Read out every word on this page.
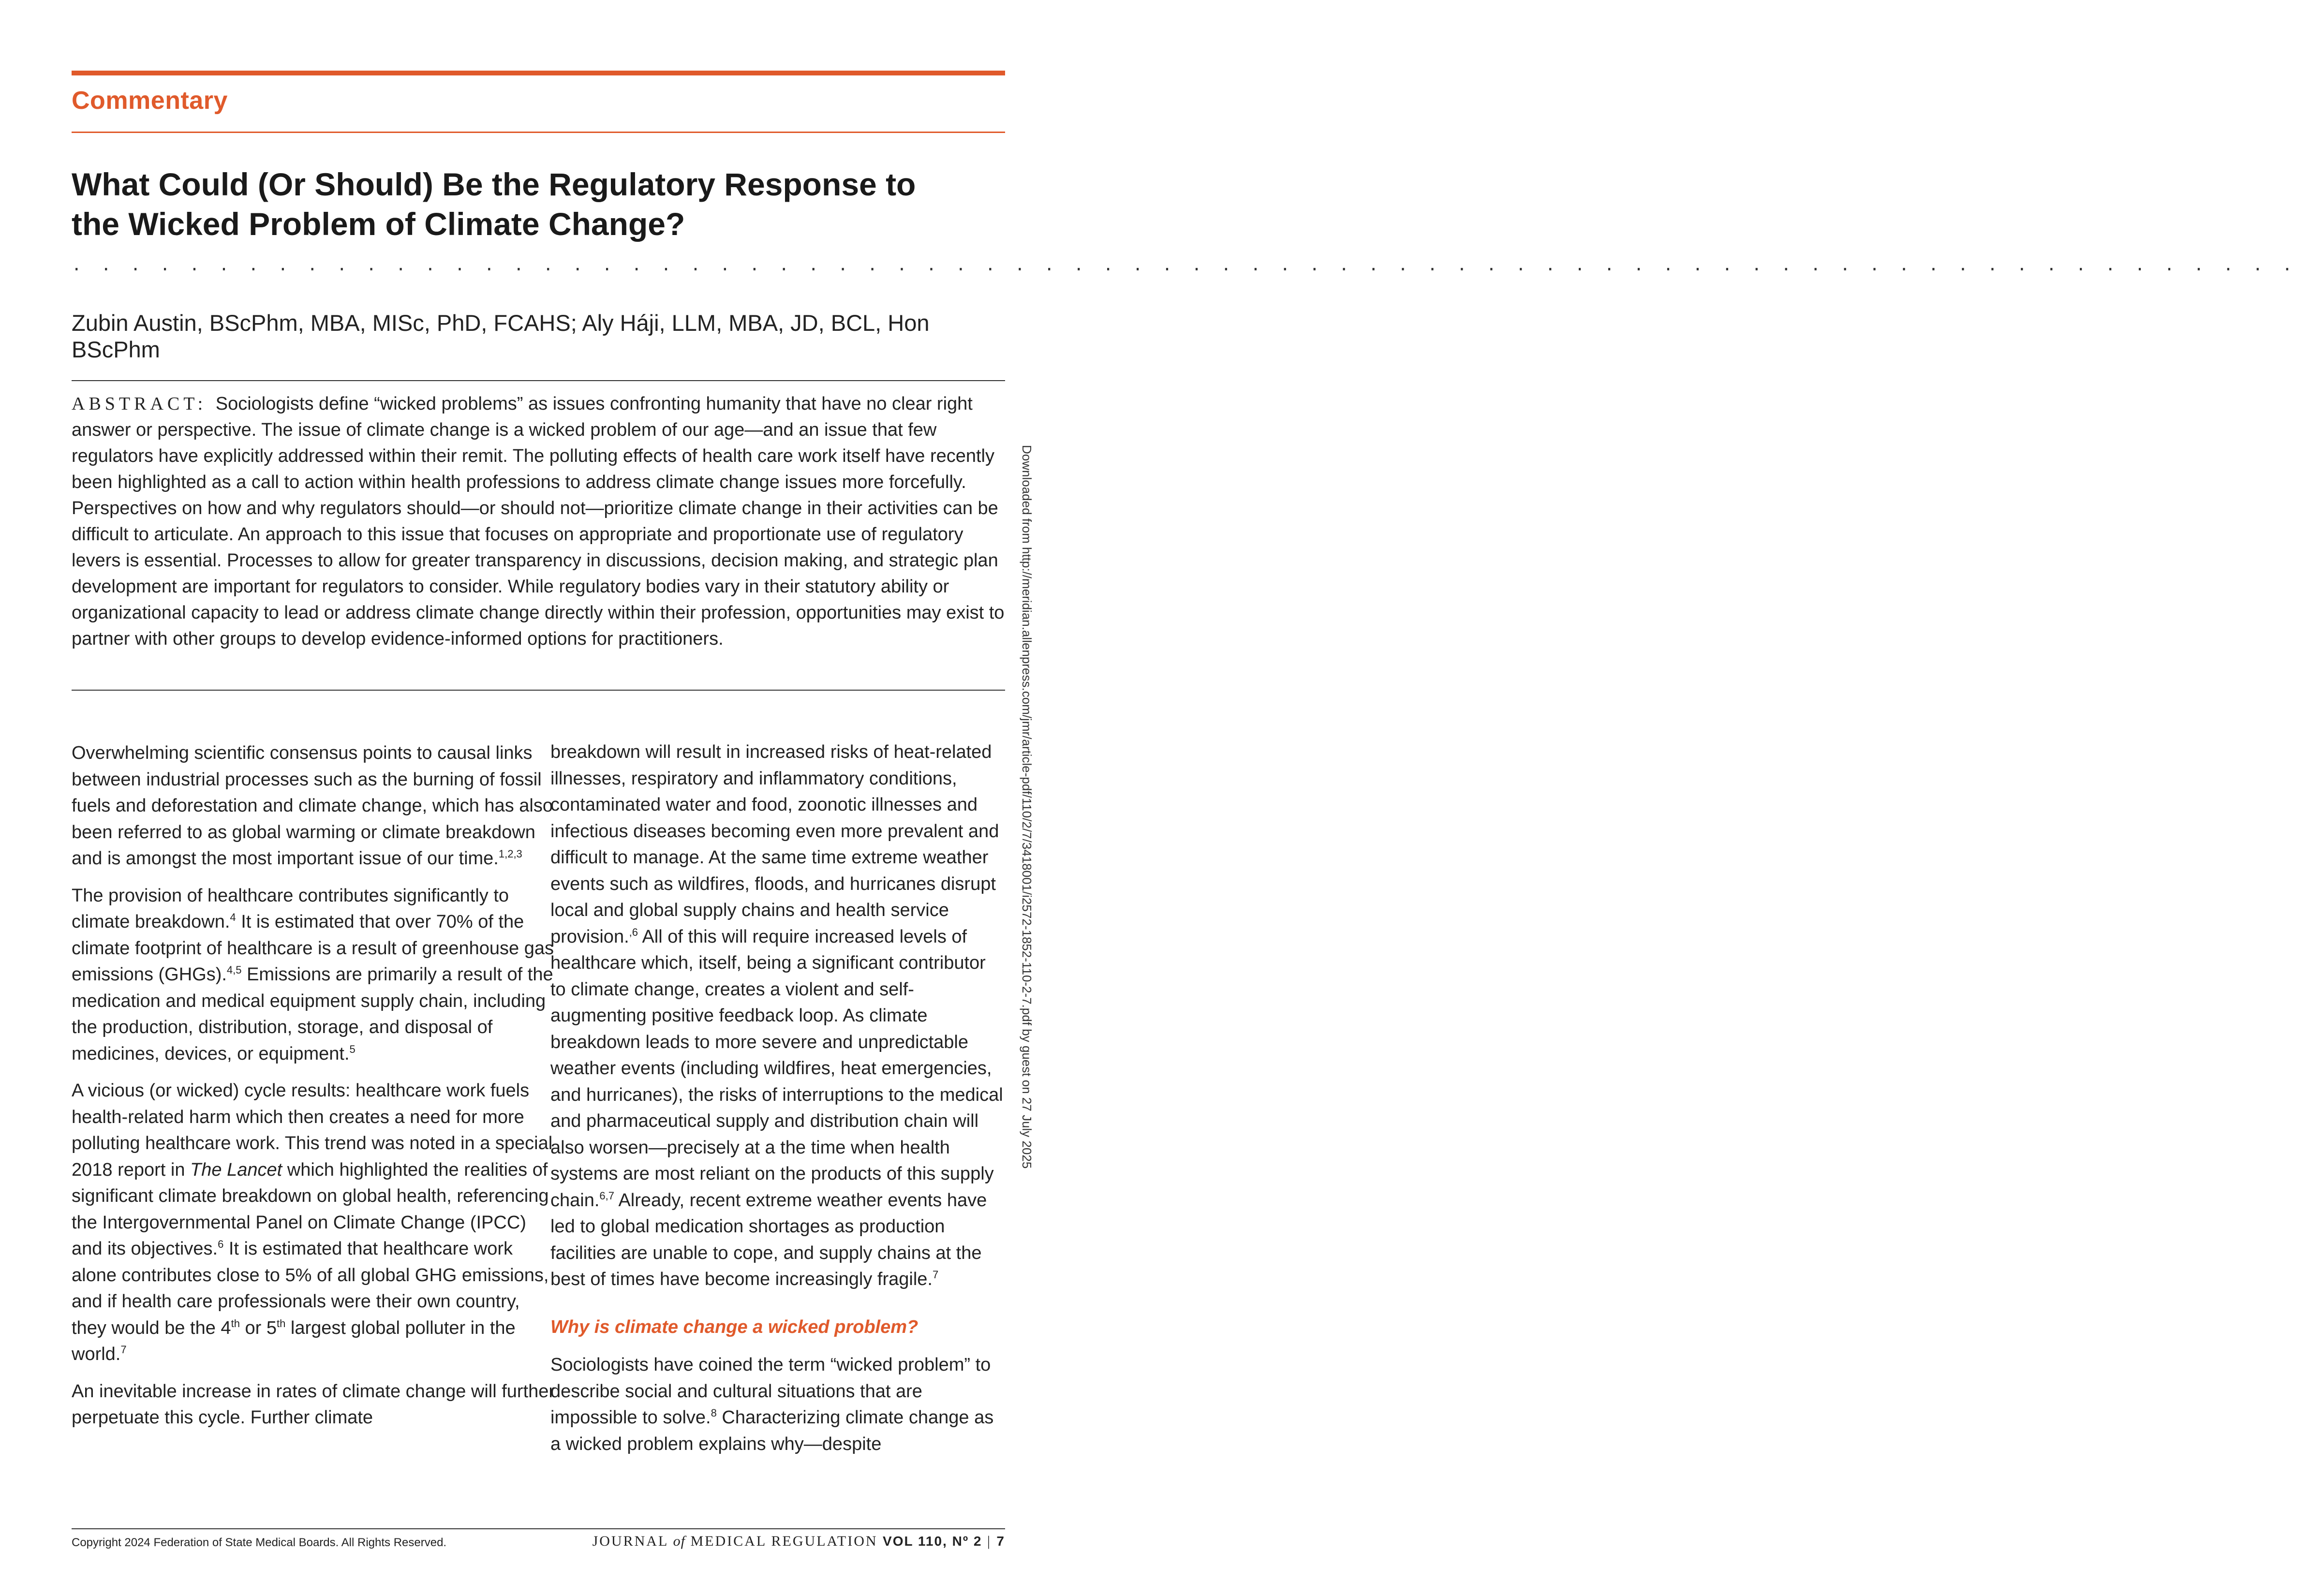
Commentary
What Could (Or Should) Be the Regulatory Response to
the Wicked Problem of Climate Change?
. . . . . . . . . . . . . . . . . . . . . . . . . . . . . . . . . . . . . . . . . . . . . . . . . . . . . . . . . . . . . . . . . . . . . . . . . . . .
Zubin Austin, BScPhm, MBA, MISc, PhD, FCAHS; Aly Háji, LLM, MBA, JD, BCL, Hon BScPhm

ABSTRACT: Sociologists define “wicked problems” as issues confronting humanity that have no clear right answer or perspective. The issue of climate change is a wicked problem of our age—and an issue that few regulators have explicitly addressed within their remit. The polluting effects of health care work itself have recently been highlighted as a call to action within health professions to address climate change issues more forcefully. Perspectives on how and why regulators should—or should not—prioritize climate change in their activities can be difficult to articulate. An approach to this issue that focuses on appropriate and proportionate use of regulatory levers is essential. Processes to allow for greater transparency in discussions, decision making, and strategic plan development are important for regulators to consider. While regulatory bodies vary in their statutory ability or organizational capacity to lead or address climate change directly within their profession, opportunities may exist to partner with other groups to develop evidence-informed options for practitioners.

Overwhelming scientific consensus points to causal links between industrial processes such as the burning of fossil fuels and deforestation and climate change, which has also been referred to as global warming or climate breakdown and is amongst the most important issue of our time.$^{1,2,3}$

The provision of healthcare contributes significantly to climate breakdown.$^4$ It is estimated that over 70% of the climate footprint of healthcare is a result of greenhouse gas emissions (GHGs).$^{4,5}$ Emissions are primarily a result of the medication and medical equipment supply chain, including the production, distribution, storage, and disposal of medicines, devices, or equipment.$^5$

A vicious (or wicked) cycle results: healthcare work fuels health-related harm which then creates a need for more polluting healthcare work. This trend was noted in a special 2018 report in The Lancet which highlighted the realities of significant climate breakdown on global health, referencing the Intergovernmental Panel on Climate Change (IPCC) and its objectives.$^6$ It is estimated that healthcare work alone contributes close to 5% of all global GHG emissions, and if health care professionals were their own country, they would be the 4th or 5th largest global polluter in the world.$^7$

An inevitable increase in rates of climate change will further perpetuate this cycle. Further climate

breakdown will result in increased risks of heat-related illnesses, respiratory and inflammatory conditions, contaminated water and food, zoonotic illnesses and infectious diseases becoming even more prevalent and difficult to manage. At the same time extreme weather events such as wildfires, floods, and hurricanes disrupt local and global supply chains and health service provision.$^{,6}$ All of this will require increased levels of healthcare which, itself, being a significant contributor to climate change, creates a violent and self-augmenting positive feedback loop. As climate breakdown leads to more severe and unpredictable weather events (including wildfires, heat emergencies, and hurricanes), the risks of interruptions to the medical and pharmaceutical supply and distribution chain will also worsen—precisely at a the time when health systems are most reliant on the products of this supply chain.$^{6,7}$ Already, recent extreme weather events have led to global medication shortages as production facilities are unable to cope, and supply chains at the best of times have become increasingly fragile.$^7$

Why is climate change a wicked problem?

Sociologists have coined the term “wicked problem” to describe social and cultural situations that are impossible to solve.$^8$ Characterizing climate change as a wicked problem explains why—despite

Downloaded from http://meridian.allenpress.com/jmr/article-pdf/110/2/7/3418001/i2572-1852-110-2-7.pdf by guest on 27 July 2025
Copyright 2024 Federation of State Medical Boards. All Rights Reserved.	JOURNAL of MEDICAL REGULATION VOL 110, Nº 2 | 7
